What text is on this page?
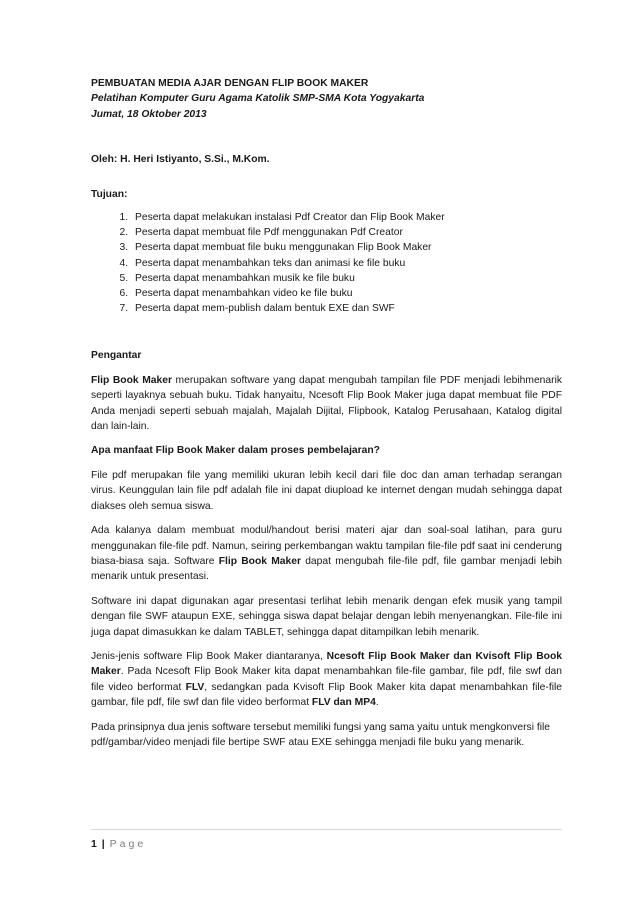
PEMBUATAN MEDIA AJAR DENGAN FLIP BOOK MAKER
Pelatihan Komputer Guru Agama Katolik SMP-SMA Kota Yogyakarta
Jumat, 18 Oktober 2013
Oleh: H. Heri Istiyanto, S.Si., M.Kom.
Tujuan:
1. Peserta dapat melakukan instalasi Pdf Creator dan Flip Book Maker
2. Peserta dapat membuat file Pdf menggunakan Pdf Creator
3. Peserta dapat membuat file buku menggunakan Flip Book Maker
4. Peserta dapat menambahkan teks dan animasi ke file buku
5. Peserta dapat menambahkan musik ke file buku
6. Peserta dapat menambahkan video ke file buku
7. Peserta dapat mem-publish dalam bentuk EXE dan SWF
Pengantar
Flip Book Maker merupakan software yang dapat mengubah tampilan file PDF menjadi lebihmenarik seperti layaknya sebuah buku. Tidak hanyaitu, Ncesoft Flip Book Maker juga dapat membuat file PDF Anda menjadi seperti sebuah majalah, Majalah Dijital, Flipbook, Katalog Perusahaan, Katalog digital dan lain-lain.
Apa manfaat Flip Book Maker dalam proses pembelajaran?
File pdf merupakan file yang memiliki ukuran lebih kecil dari file doc dan aman terhadap serangan virus. Keunggulan lain file pdf adalah file ini dapat diupload ke internet dengan mudah sehingga dapat diakses oleh semua siswa.
Ada kalanya dalam membuat modul/handout berisi materi ajar dan soal-soal latihan, para guru menggunakan file-file pdf. Namun, seiring perkembangan waktu tampilan file-file pdf saat ini cenderung biasa-biasa saja. Software Flip Book Maker dapat mengubah file-file pdf, file gambar menjadi lebih menarik untuk presentasi.
Software ini dapat digunakan agar presentasi terlihat lebih menarik dengan efek musik yang tampil dengan file SWF ataupun EXE, sehingga siswa dapat belajar dengan lebih menyenangkan. File-file ini juga dapat dimasukkan ke dalam TABLET, sehingga dapat ditampilkan lebih menarik.
Jenis-jenis software Flip Book Maker diantaranya, Ncesoft Flip Book Maker dan Kvisoft Flip Book Maker. Pada Ncesoft Flip Book Maker kita dapat menambahkan file-file gambar, file pdf, file swf dan file video berformat FLV, sedangkan pada Kvisoft Flip Book Maker kita dapat menambahkan file-file gambar, file pdf, file swf dan file video berformat FLV dan MP4.
Pada prinsipnya dua jenis software tersebut memiliki fungsi yang sama yaitu untuk mengkonversi file pdf/gambar/video menjadi file bertipe SWF atau EXE sehingga menjadi file buku yang menarik.
1 | Page
